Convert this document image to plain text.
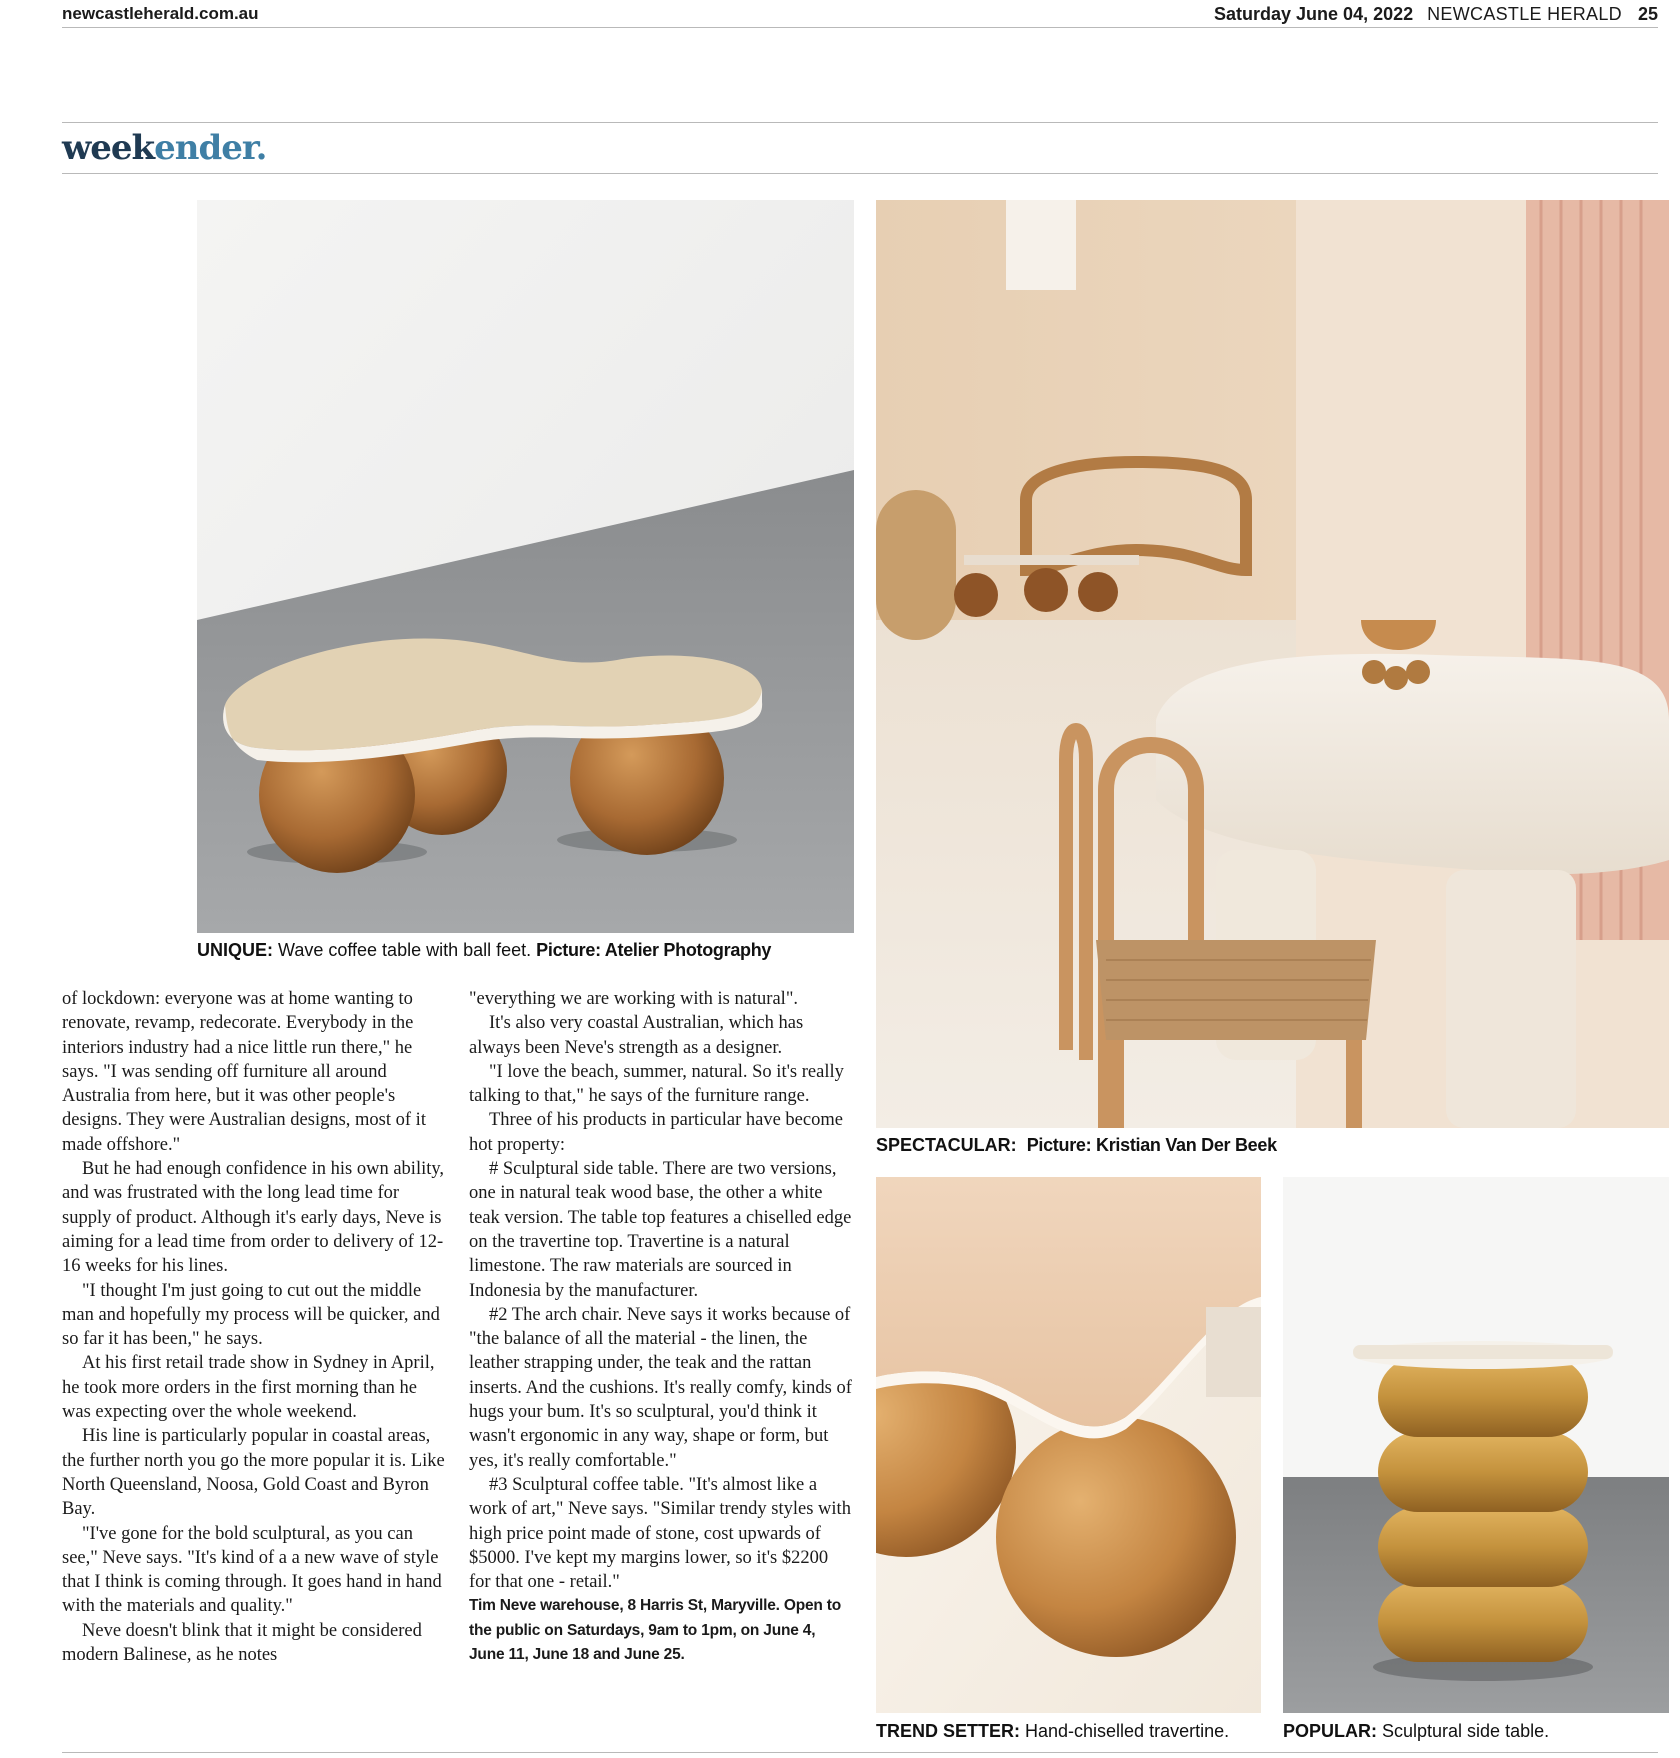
newcastleherald.com.au	Saturday June 04, 2022 NEWCASTLE HERALD 25
weekender.
UNIQUE: Wave coffee table with ball feet. Picture: Atelier Photography
SPECTACULAR: Picture: Kristian Van Der Beek
TREND SETTER: Hand-chiselled travertine.	POPULAR: Sculptural side table.

of lockdown: everyone was at home wanting to renovate, revamp, redecorate. Everybody in the interiors industry had a nice little run there," he says. "I was sending off furniture all around Australia from here, but it was other people's designs. They were Australian designs, most of it made offshore."

But he had enough confidence in his own ability, and was frustrated with the long lead time for supply of product. Although it's early days, Neve is aiming for a lead time from order to delivery of 12-16 weeks for his lines.

"I thought I'm just going to cut out the middle man and hopefully my process will be quicker, and so far it has been," he says.

At his first retail trade show in Sydney in April, he took more orders in the first morning than he was expecting over the whole weekend.

His line is particularly popular in coastal areas, the further north you go the more popular it is. Like North Queensland, Noosa, Gold Coast and Byron Bay.

"I've gone for the bold sculptural, as you can see," Neve says. "It's kind of a a new wave of style that I think is coming through. It goes hand in hand with the materials and quality."

Neve doesn't blink that it might be considered modern Balinese, as he notes

"everything we are working with is natural".

It's also very coastal Australian, which has always been Neve's strength as a designer.

"I love the beach, summer, natural. So it's really talking to that," he says of the furniture range.

Three of his products in particular have become hot property:

# Sculptural side table. There are two versions, one in natural teak wood base, the other a white teak version. The table top features a chiselled edge on the travertine top. Travertine is a natural limestone. The raw materials are sourced in Indonesia by the manufacturer.

#2 The arch chair. Neve says it works because of "the balance of all the material - the linen, the leather strapping under, the teak and the rattan inserts. And the cushions. It's really comfy, kinds of hugs your bum. It's so sculptural, you'd think it wasn't ergonomic in any way, shape or form, but yes, it's really comfortable."

#3 Sculptural coffee table. "It's almost like a work of art," Neve says. "Similar trendy styles with high price point made of stone, cost upwards of $5000. I've kept my margins lower, so it's $2200 for that one - retail."

Tim Neve warehouse, 8 Harris St, Maryville. Open to the public on Saturdays, 9am to 1pm, on June 4, June 11, June 18 and June 25.
